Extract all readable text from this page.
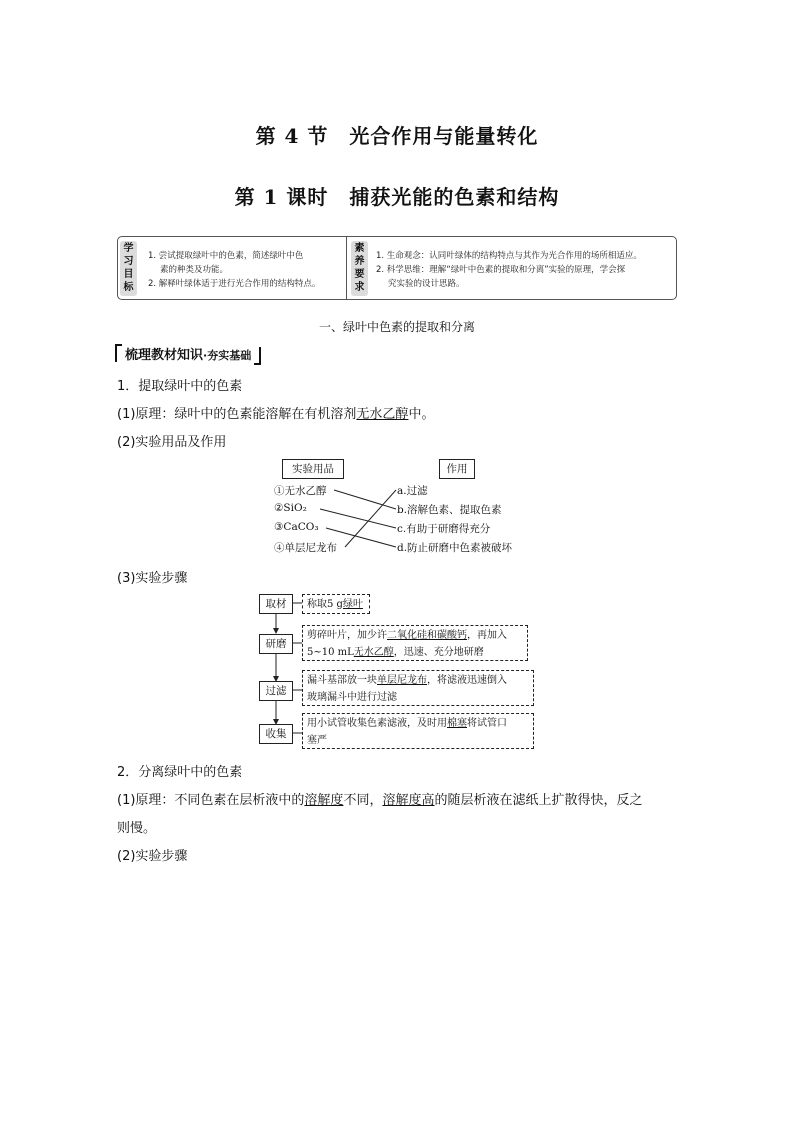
第 4 节　光合作用与能量转化
第 1 课时　捕获光能的色素和结构
学
习
目
标
1. 尝试提取绿叶中的色素，简述绿叶中色
素的种类及功能。
2. 解释叶绿体适于进行光合作用的结构特点。
素
养
要
求
1. 生命观念：认同叶绿体的结构特点与其作为光合作用的场所相适应。
2. 科学思维：理解“绿叶中色素的提取和分离”实验的原理，学会探
究实验的设计思路。
一、绿叶中色素的提取和分离
梳理教材知识·夯实基础
1．提取绿叶中的色素
(1)原理：绿叶中的色素能溶解在有机溶剂无水乙醇中。
(2)实验用品及作用
实验用品	作用
①无水乙醇
②SiO₂
③CaCO₃
④单层尼龙布
a.过滤
b.溶解色素、提取色素
c.有助于研磨得充分
d.防止研磨中色素被破坏
(3)实验步骤
取材
研磨
过滤
收集
称取5 g绿叶
剪碎叶片，加少许二氧化硅和碳酸钙，再加入
5~10 mL无水乙醇，迅速、充分地研磨
漏斗基部放一块单层尼龙布，将滤液迅速倒入
玻璃漏斗中进行过滤
用小试管收集色素滤液，及时用棉塞将试管口
塞严
2．分离绿叶中的色素
(1)原理：不同色素在层析液中的溶解度不同，溶解度高的随层析液在滤纸上扩散得快，反之
则慢。
(2)实验步骤
